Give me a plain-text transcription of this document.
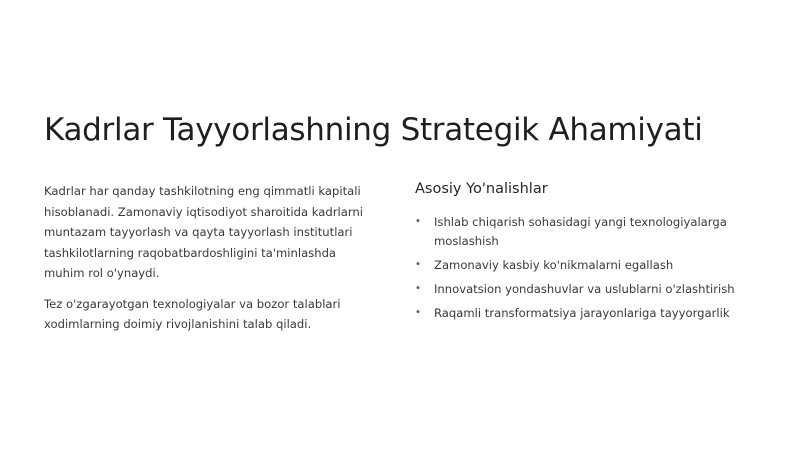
Kadrlar Tayyorlashning Strategik Ahamiyati

Kadrlar har qanday tashkilotning eng qimmatli kapitali hisoblanadi. Zamonaviy iqtisodiyot sharoitida kadrlarni muntazam tayyorlash va qayta tayyorlash institutlari tashkilotlarning raqobatbardoshligini ta'minlashda muhim rol o'ynaydi.

Tez o'zgarayotgan texnologiyalar va bozor talablari xodimlarning doimiy rivojlanishini talab qiladi.

Asosiy Yo'nalishlar
• Ishlab chiqarish sohasidagi yangi texnologiyalarga moslashish
• Zamonaviy kasbiy ko'nikmalarni egallash
• Innovatsion yondashuvlar va uslublarni o'zlashtirish
• Raqamli transformatsiya jarayonlariga tayyorgarlik
